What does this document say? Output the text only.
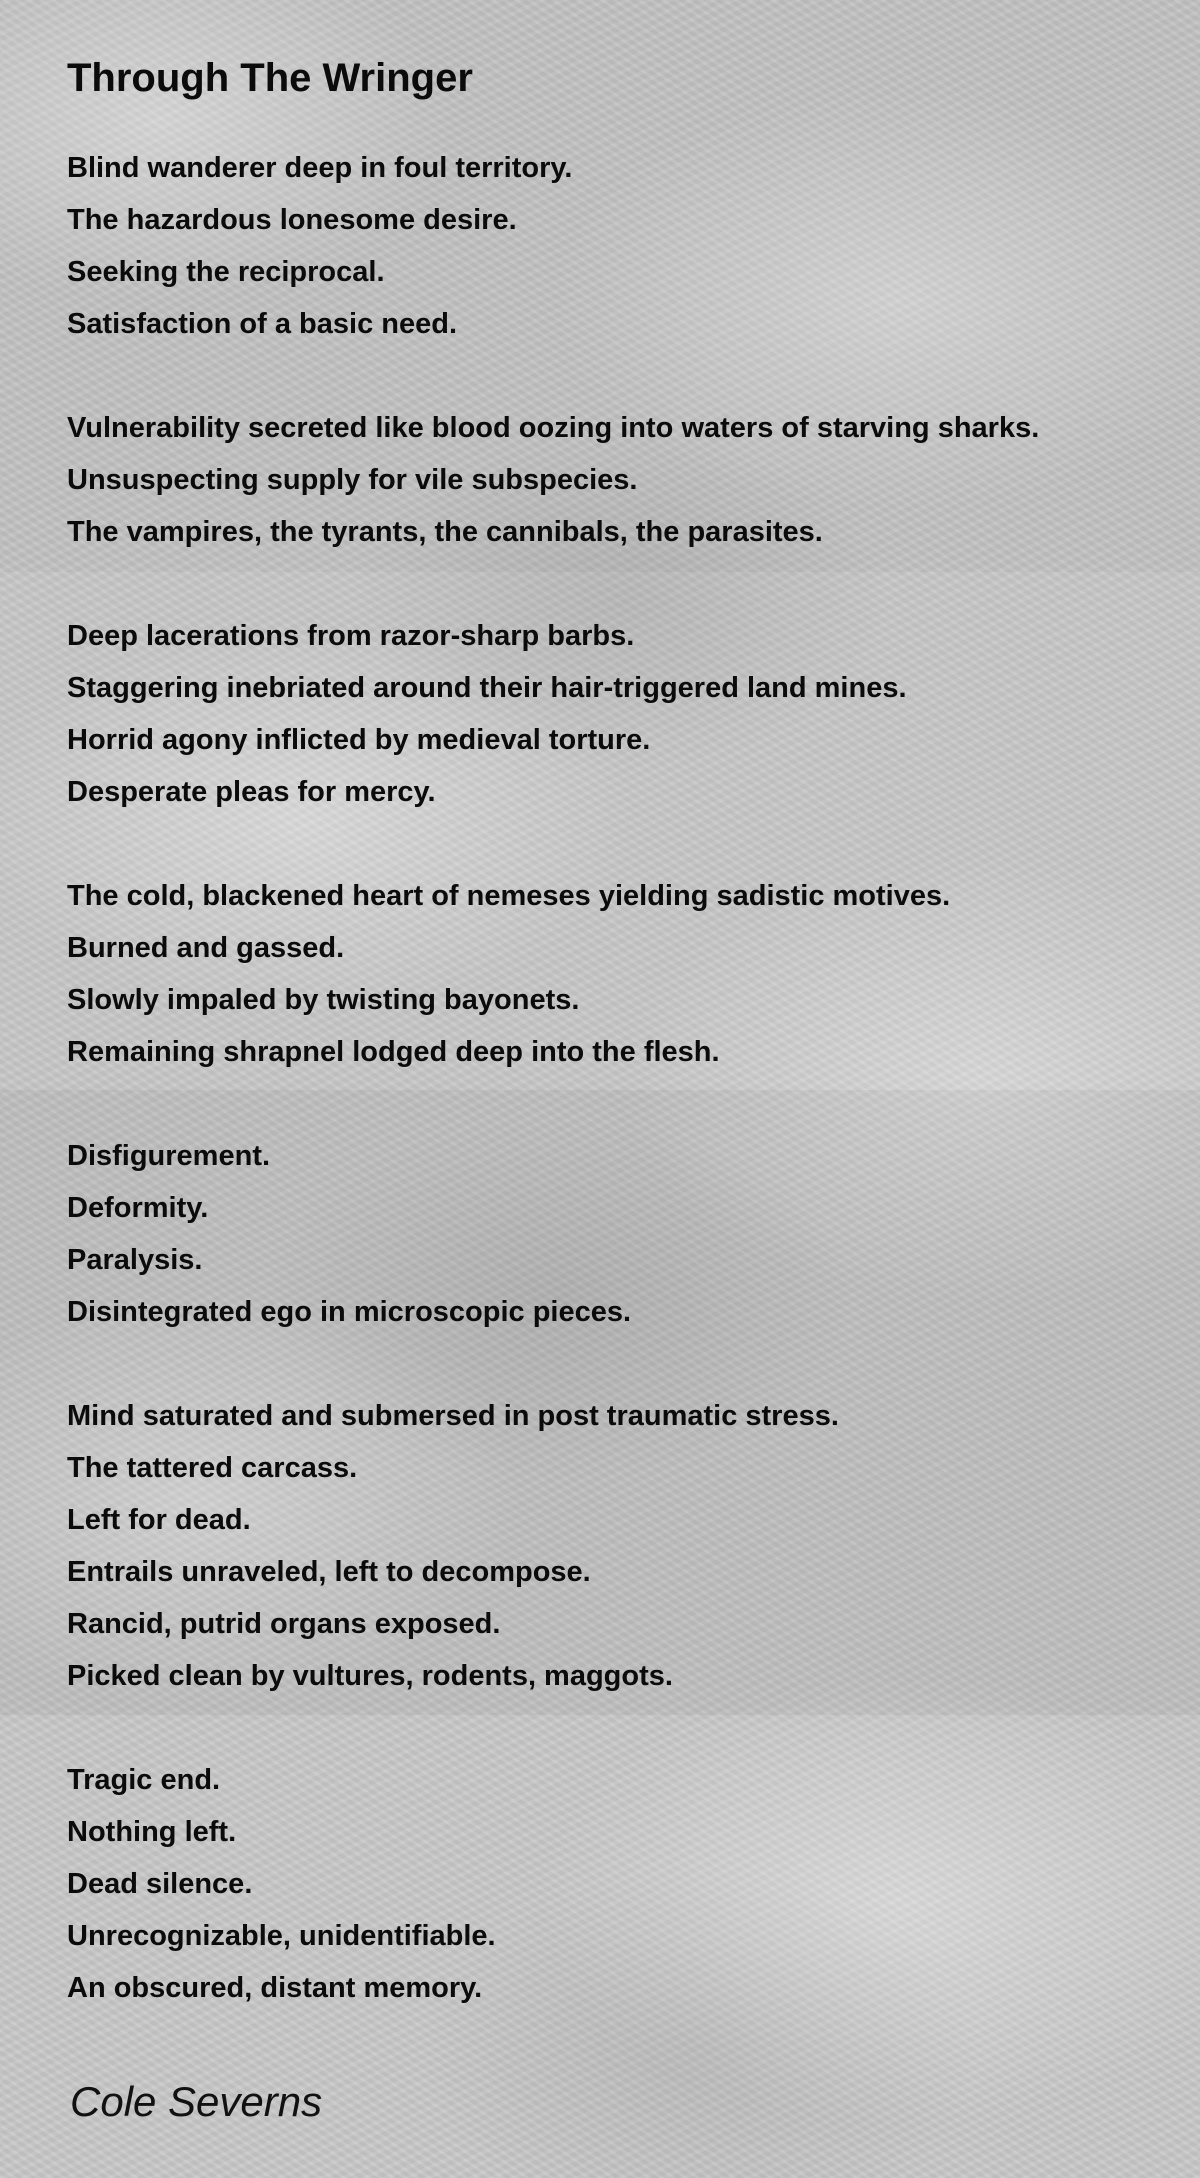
Through The Wringer
Blind wanderer deep in foul territory.
The hazardous lonesome desire.
Seeking the reciprocal.
Satisfaction of a basic need.
Vulnerability secreted like blood oozing into waters of starving sharks.
Unsuspecting supply for vile subspecies.
The vampires, the tyrants, the cannibals, the parasites.
Deep lacerations from razor-sharp barbs.
Staggering inebriated around their hair-triggered land mines.
Horrid agony inflicted by medieval torture.
Desperate pleas for mercy.
The cold, blackened heart of nemeses yielding sadistic motives.
Burned and gassed.
Slowly impaled by twisting bayonets.
Remaining shrapnel lodged deep into the flesh.
Disfigurement.
Deformity.
Paralysis.
Disintegrated ego in microscopic pieces.
Mind saturated and submersed in post traumatic stress.
The tattered carcass.
Left for dead.
Entrails unraveled, left to decompose.
Rancid, putrid organs exposed.
Picked clean by vultures, rodents, maggots.
Tragic end.
Nothing left.
Dead silence.
Unrecognizable, unidentifiable.
An obscured, distant memory.
Cole Severns
